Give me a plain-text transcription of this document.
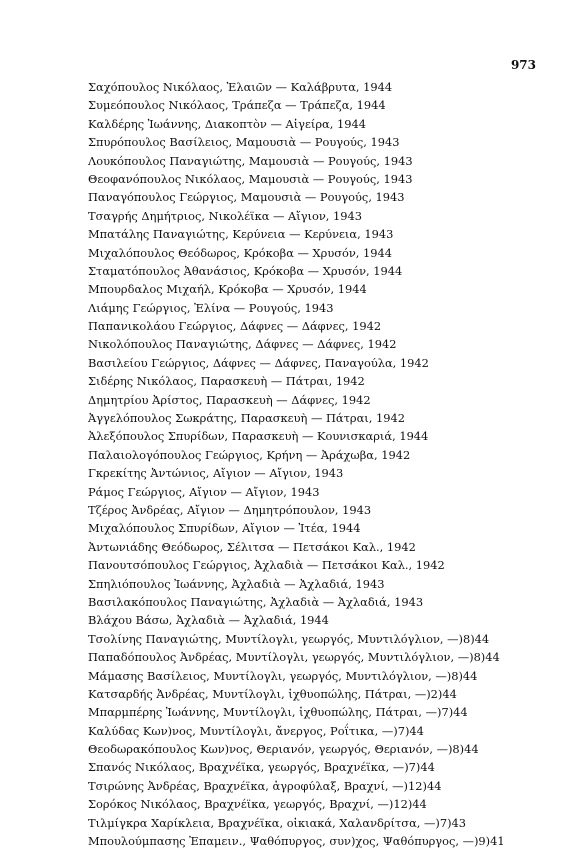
973
Σαχόπουλος Νικόλαος, Ἐλαιῶν — Καλάβρυτα, 1944
Συμεόπουλος Νικόλαος, Τράπεζα — Τράπεζα, 1944
Καλδέρης Ἰωάννης, Διακοπτὸν — Αἰγείρα, 1944
Σπυρόπουλος Βασίλειος, Μαμουσιὰ — Ρουγούς, 1943
Λουκόπουλος Παναγιώτης, Μαμουσιὰ — Ρουγούς, 1943
Θεοφανόπουλος Νικόλαος, Μαμουσιὰ — Ρουγούς, 1943
Παναγόπουλος Γεώργιος, Μαμουσιὰ — Ρουγούς, 1943
Τσαγρής Δημήτριος, Νικολέϊκα — Αἴγιον, 1943
Μπατάλης Παναγιώτης, Κερύνεια — Κερύνεια, 1943
Μιχαλόπουλος Θεόδωρος, Κρόκοβα — Χρυσόν, 1944
Σταματόπουλος Ἀθανάσιος, Κρόκοβα — Χρυσόν, 1944
Μπουρδαλος Μιχαήλ, Κρόκοβα — Χρυσόν, 1944
Λιάμης Γεώργιος, Ἐλίνα — Ρουγούς, 1943
Παπανικολάου Γεώργιος, Δάφνες — Δάφνες, 1942
Νικολόπουλος Παναγιώτης, Δάφνες — Δάφνες, 1942
Βασιλείου Γεώργιος, Δάφνες — Δάφνες, Παναγούλα, 1942
Σιδέρης Νικόλαος, Παρασκευὴ — Πάτραι, 1942
Δημητρίου Ἀρίστος, Παρασκευὴ — Δάφνες, 1942
Ἀγγελόπουλος Σωκράτης, Παρασκευὴ — Πάτραι, 1942
Ἀλεξόπουλος Σπυρίδων, Παρασκευὴ — Κουνισκαριά, 1944
Παλαιολογόπουλος Γεώργιος, Κρήνη — Ἀράχωβα, 1942
Γκρεκίτης Ἀντώνιος, Αἴγιον — Αἴγιον, 1943
Ράμος Γεώργιος, Αἴγιον — Αἴγιον, 1943
Τζέρος Ἀνδρέας, Αἴγιον — Δημητρόπουλον, 1943
Μιχαλόπουλος Σπυρίδων, Αἴγιον — Ἰτέα, 1944
Ἀντωνιάδης Θεόδωρος, Σέλιτσα — Πετσάκοι Καλ., 1942
Πανουτσόπουλος Γεώργιος, Ἀχλαδιὰ — Πετσάκοι Καλ., 1942
Σπηλιόπουλος Ἰωάννης, Ἀχλαδιὰ — Ἀχλαδιά, 1943
Βασιλακόπουλος Παναγιώτης, Ἀχλαδιὰ — Ἀχλαδιά, 1943
Βλάχου Βάσω, Ἀχλαδιὰ — Ἀχλαδιά, 1944
Τσολίνης Παναγιώτης, Μυντίλογλι, γεωργός, Μυντιλόγλιον, —)8)44
Παπαδόπουλος Ἀνδρέας, Μυντίλογλι, γεωργός, Μυντιλόγλιον, —)8)44
Μάμασης Βασίλειος, Μυντίλογλι, γεωργός, Μυντιλόγλιον, —)8)44
Κατσαρδής Ἀνδρέας, Μυντίλογλι, ἰχθυοπώλης, Πάτραι, —)2)44
Μπαρμπέρης Ἰωάννης, Μυντίλογλι, ἰχθυοπώλης, Πάτραι, —)7)44
Καλύδας Κων)νος, Μυντίλογλι, ἄνεργος, Ροΐτικα, —)7)44
Θεοδωρακόπουλος Κων)νος, Θεριανόν, γεωργός, Θεριανόν, —)8)44
Σπανός Νικόλαος, Βραχνέϊκα, γεωργός, Βραχνέϊκα, —)7)44
Τσιρώνης Ἀνδρέας, Βραχνέϊκα, ἀγροφύλαξ, Βραχνί, —)12)44
Σορόκος Νικόλαος, Βραχνέϊκα, γεωργός, Βραχνί, —)12)44
Τιλμίγκρα Χαρίκλεια, Βραχνέϊκα, οἰκιακά, Χαλανδρίτσα, —)7)43
Μπουλούμπασης Ἐπαμειν., Ψαθόπυργος, συν)χος, Ψαθόπυργος, —)9)41
